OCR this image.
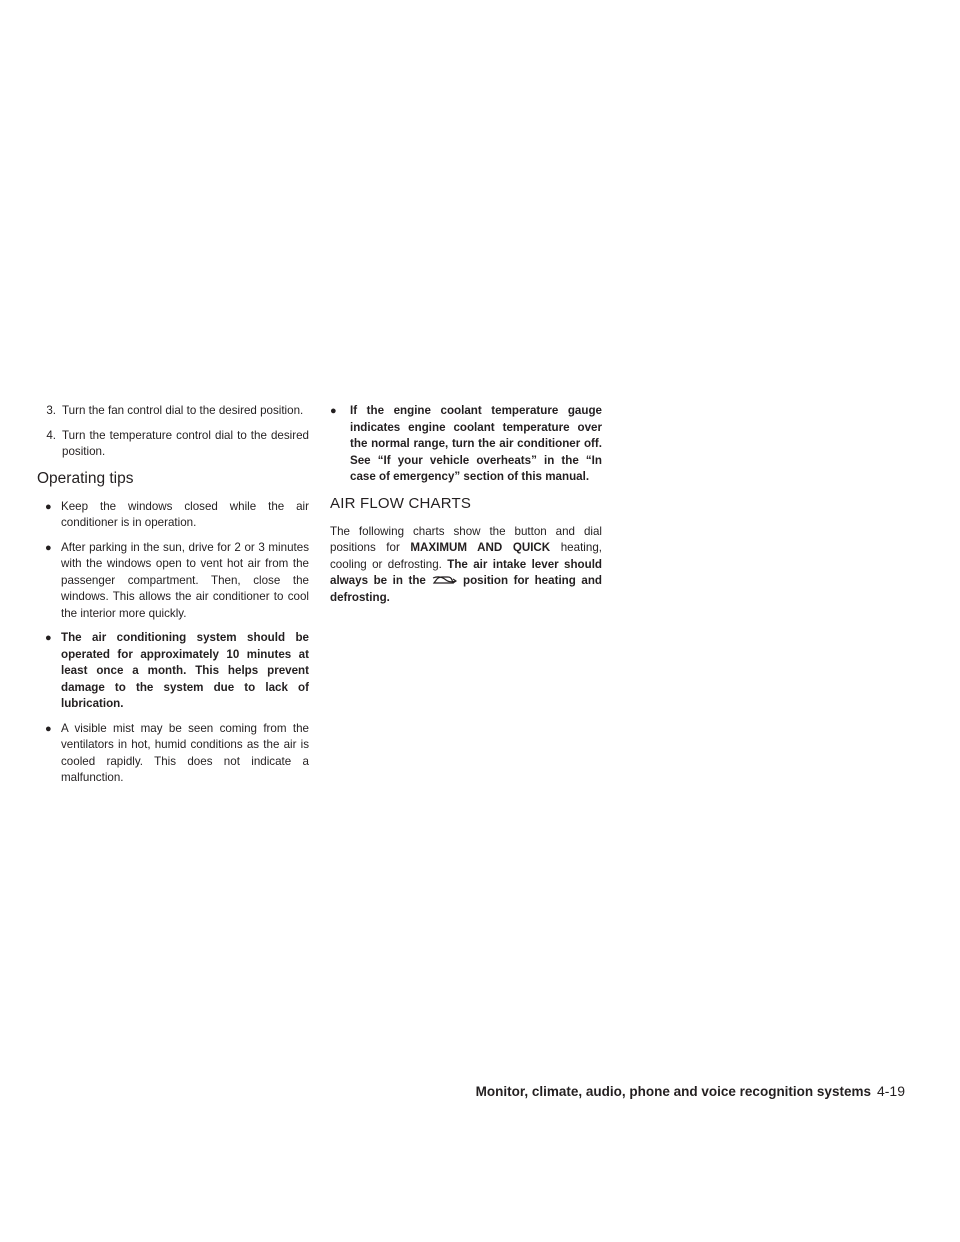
3. Turn the fan control dial to the desired position.
4. Turn the temperature control dial to the desired position.
Operating tips
● Keep the windows closed while the air conditioner is in operation.
● After parking in the sun, drive for 2 or 3 minutes with the windows open to vent hot air from the passenger compartment. Then, close the windows. This allows the air conditioner to cool the interior more quickly.
● The air conditioning system should be operated for approximately 10 minutes at least once a month. This helps prevent damage to the system due to lack of lubrication.
● A visible mist may be seen coming from the ventilators in hot, humid conditions as the air is cooled rapidly. This does not indicate a malfunction.
●	If the engine coolant temperature gauge indicates engine coolant temperature over the normal range, turn the air conditioner off. See “If your vehicle overheats” in the “In case of emergency” section of this manual.
AIR FLOW CHARTS
The following charts show the button and dial positions for MAXIMUM AND QUICK heating, cooling or defrosting. The air intake lever should always be in the	position for heating and defrosting.
Monitor, climate, audio, phone and voice recognition systems 4-19
